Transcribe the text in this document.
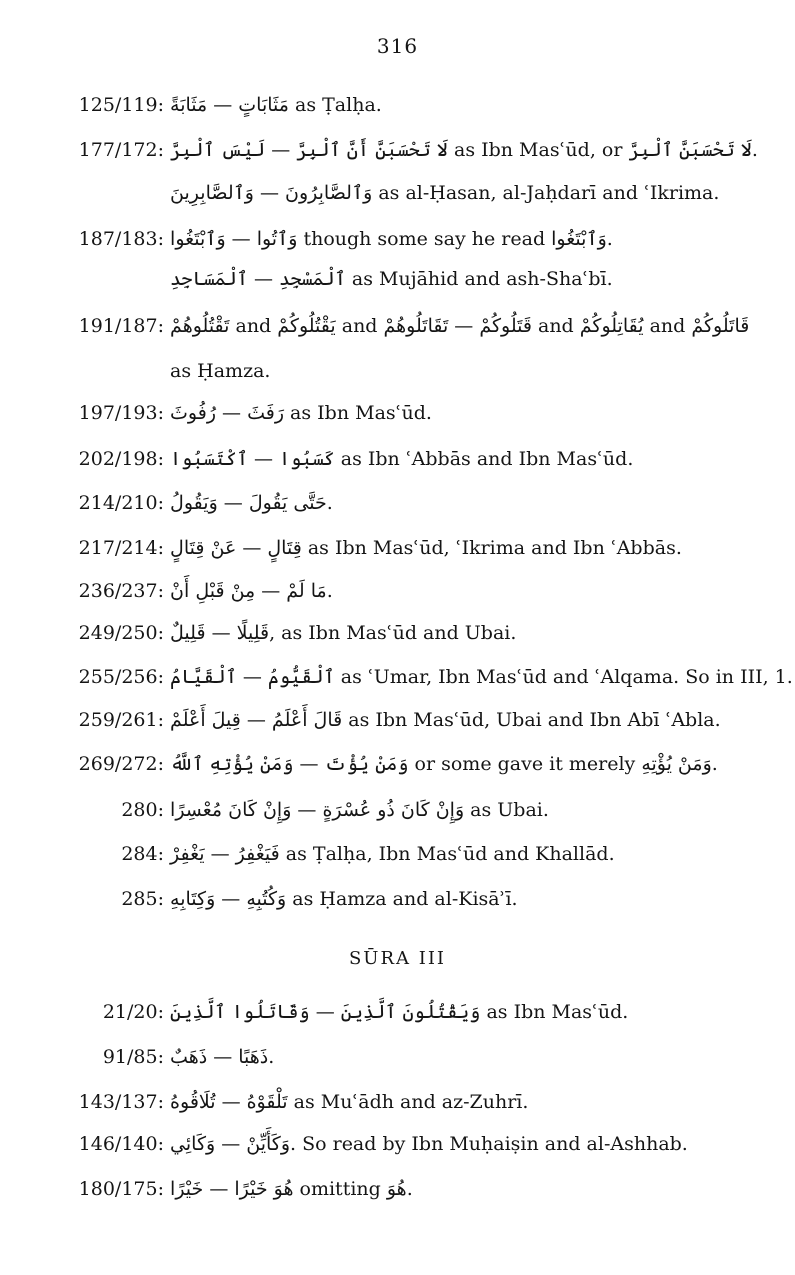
316
125/119: مَثَابَاتٍ — مَثَابَةً as Ṭalḥa.
177/172: لَا تَحْسَبَنَّ أَنَّ ٱلْبِرَّ — لَيْسَ ٱلْبِرَّ as Ibn Masʿūd, or لَا تَحْسَبَنَّ ٱلْبِرَّ.
وَٱلصَّابِرُونَ — وَٱلصَّابِرِينَ as al-Ḥasan, al-Jaḥdarī and ʿIkrima.
187/183: وَٱتُوا — وَٱبْتَغُوا though some say he read وَٱبْتَغُوا.
ٱلْمَسْجِدِ — ٱلْمَسَاجِدِ as Mujāhid and ash-Shaʿbī.
191/187: تَقْتُلُوهُمْ and يَقْتُلُوكُمْ and قَتَلُوكُمْ — تَقَاتَلُوهُمْ and يُقَاتِلُوكُمْ and قَاتَلُوكُمْ
as Ḥamza.
197/193: رَفَثَ — رُفُوثَ as Ibn Masʿūd.
202/198: كَسَبُوا — ٱكْتَسَبُوا as Ibn ʿAbbās and Ibn Masʿūd.
214/210: حَتَّى يَقُولَ — وَيَقُولُ.
217/214: قِتَالٍ — عَنْ قِتَالٍ as Ibn Masʿūd, ʿIkrima and Ibn ʿAbbās.
236/237: مَا لَمْ — مِنْ قَبْلِ أَنْ.
249/250: قَلِيلًا — قَلِيلٌ, as Ibn Masʿūd and Ubai.
255/256: ٱلْقَيُّومُ — ٱلْقَيَّامُ as ʿUmar, Ibn Masʿūd and ʿAlqama. So in III, 1.
259/261: قَالَ أَعْلَمُ — قِيلَ أَعْلَمْ as Ibn Masʿūd, Ubai and Ibn Abī ʿAbla.
269/272: وَمَنْ يُؤْتَ — وَمَنْ يُؤْتِهِ ٱللَّهُ or some gave it merely وَمَنْ يُؤْتِهِ.
280: وَإِنْ كَانَ ذُو عُسْرَةٍ — وَإِنْ كَانَ مُعْسِرًا as Ubai.
284: فَيَغْفِرُ — يَغْفِرْ as Ṭalḥa, Ibn Masʿūd and Khallād.
285: وَكُتُبِهِ — وَكِتَابِهِ as Ḥamza and al-Kisāʾī.
SŪRA III
21/20: وَيَقْتُلُونَ ٱلَّذِينَ — وَقَاتَلُوا ٱلَّذِينَ as Ibn Masʿūd.
91/85: ذَهَبًا — ذَهَبٌ.
143/137: تَلْقَوْهُ — تُلَاقُوهُ as Muʿādh and az-Zuhrī.
146/140: وَكَأَيِّنْ — وَكَائِي. So read by Ibn Muḥaiṣin and al-Ashhab.
180/175: هُوَ خَيْرًا — خَيْرًا omitting هُوَ.
